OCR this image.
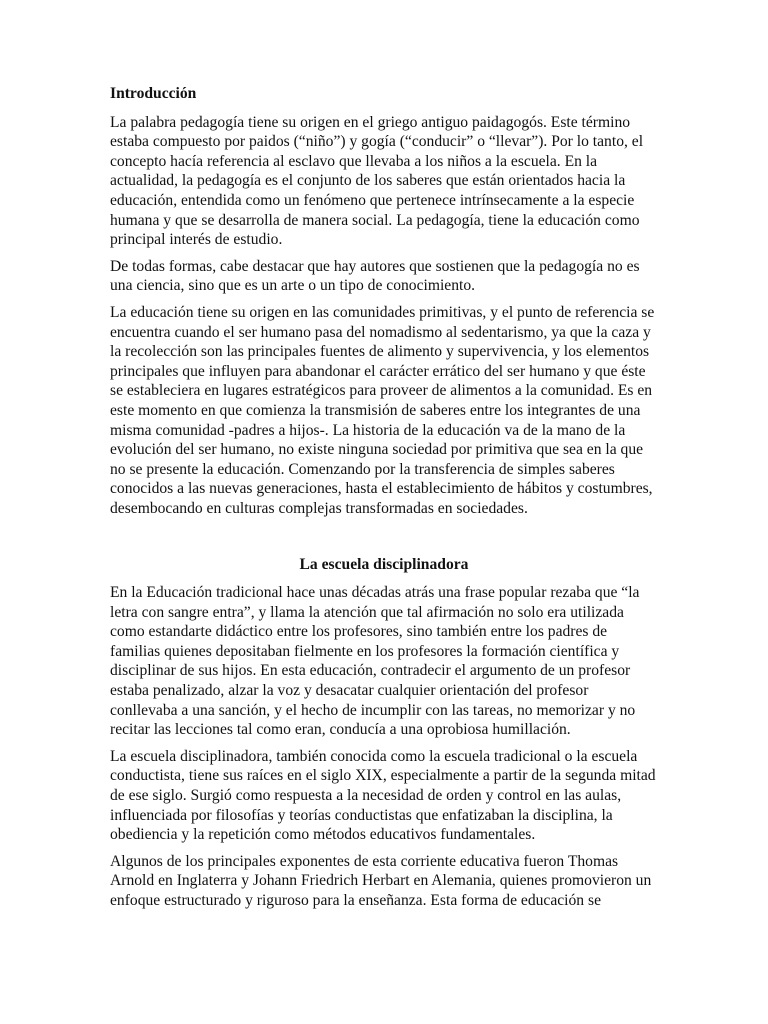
Introducción

La palabra pedagogía tiene su origen en el griego antiguo paidagogós. Este término estaba compuesto por paidos (“niño”) y gogía (“conducir” o “llevar”). Por lo tanto, el concepto hacía referencia al esclavo que llevaba a los niños a la escuela. En la actualidad, la pedagogía es el conjunto de los saberes que están orientados hacia la educación, entendida como un fenómeno que pertenece intrínsecamente a la especie humana y que se desarrolla de manera social. La pedagogía, tiene la educación como principal interés de estudio.

De todas formas, cabe destacar que hay autores que sostienen que la pedagogía no es una ciencia, sino que es un arte o un tipo de conocimiento.

La educación tiene su origen en las comunidades primitivas, y el punto de referencia se encuentra cuando el ser humano pasa del nomadismo al sedentarismo, ya que la caza y la recolección son las principales fuentes de alimento y supervivencia, y los elementos principales que influyen para abandonar el carácter errático del ser humano y que éste se estableciera en lugares estratégicos para proveer de alimentos a la comunidad. Es en este momento en que comienza la transmisión de saberes entre los integrantes de una misma comunidad -padres a hijos-. La historia de la educación va de la mano de la evolución del ser humano, no existe ninguna sociedad por primitiva que sea en la que no se presente la educación. Comenzando por la transferencia de simples saberes conocidos a las nuevas generaciones, hasta el establecimiento de hábitos y costumbres, desembocando en culturas complejas transformadas en sociedades.

La escuela disciplinadora

En la Educación tradicional hace unas décadas atrás una frase popular rezaba que “la letra con sangre entra”, y llama la atención que tal afirmación no solo era utilizada como estandarte didáctico entre los profesores, sino también entre los padres de familias quienes depositaban fielmente en los profesores la formación científica y disciplinar de sus hijos. En esta educación, contradecir el argumento de un profesor estaba penalizado, alzar la voz y desacatar cualquier orientación del profesor conllevaba a una sanción, y el hecho de incumplir con las tareas, no memorizar y no recitar las lecciones tal como eran, conducía a una oprobiosa humillación.

La escuela disciplinadora, también conocida como la escuela tradicional o la escuela conductista, tiene sus raíces en el siglo XIX, especialmente a partir de la segunda mitad de ese siglo. Surgió como respuesta a la necesidad de orden y control en las aulas, influenciada por filosofías y teorías conductistas que enfatizaban la disciplina, la obediencia y la repetición como métodos educativos fundamentales.

Algunos de los principales exponentes de esta corriente educativa fueron Thomas Arnold en Inglaterra y Johann Friedrich Herbart en Alemania, quienes promovieron un enfoque estructurado y riguroso para la enseñanza. Esta forma de educación se
